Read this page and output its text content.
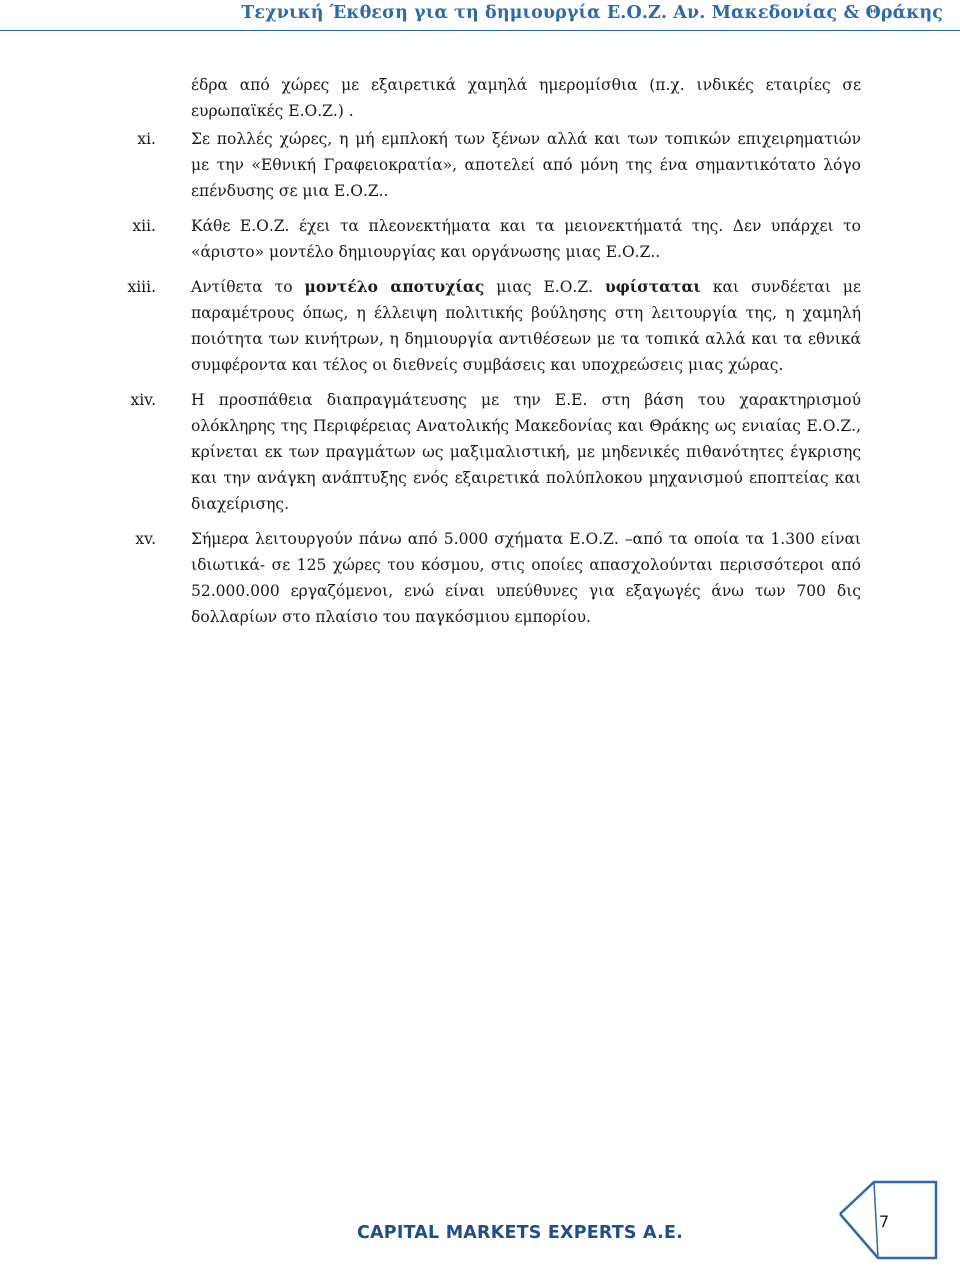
Τεχνική Έκθεση για τη δημιουργία Ε.Ο.Ζ. Αν. Μακεδονίας & Θράκης
έδρα από χώρες με εξαιρετικά χαμηλά ημερομίσθια (π.χ. ινδικές εταιρίες σε ευρωπαϊκές Ε.Ο.Ζ.) .
xi. Σε πολλές χώρες, η μή εμπλοκή των ξένων αλλά και των τοπικών επιχειρηματιών με την «Εθνική Γραφειοκρατία», αποτελεί από μόνη της ένα σημαντικότατο λόγο επένδυσης σε μια Ε.Ο.Ζ..
xii. Κάθε Ε.Ο.Ζ. έχει τα πλεονεκτήματα και τα μειονεκτήματά της. Δεν υπάρχει το «άριστο» μοντέλο δημιουργίας και οργάνωσης μιας Ε.Ο.Ζ..
xiii. Αντίθετα το μοντέλο αποτυχίας μιας Ε.Ο.Ζ. υφίσταται και συνδέεται με παραμέτρους όπως, η έλλειψη πολιτικής βούλησης στη λειτουργία της, η χαμηλή ποιότητα των κινήτρων, η δημιουργία αντιθέσεων με τα τοπικά αλλά και τα εθνικά συμφέροντα και τέλος οι διεθνείς συμβάσεις και υποχρεώσεις μιας χώρας.
xiv. Η προσπάθεια διαπραγμάτευσης με την Ε.Ε. στη βάση του χαρακτηρισμού ολόκληρης της Περιφέρειας Ανατολικής Μακεδονίας και Θράκης ως ενιαίας Ε.Ο.Ζ., κρίνεται εκ των πραγμάτων ως μαξιμαλιστική, με μηδενικές πιθανότητες έγκρισης και την ανάγκη ανάπτυξης ενός εξαιρετικά πολύπλοκου μηχανισμού εποπτείας και διαχείρισης.
xv. Σήμερα λειτουργούν πάνω από 5.000 σχήματα Ε.Ο.Ζ. –από τα οποία τα 1.300 είναι ιδιωτικά- σε 125 χώρες του κόσμου, στις οποίες απασχολούνται περισσότεροι από 52.000.000 εργαζόμενοι, ενώ είναι υπεύθυνες για εξαγωγές άνω των 700 δις δολλαρίων στο πλαίσιο του παγκόσμιου εμπορίου.
CAPITAL MARKETS EXPERTS A.E.
7
